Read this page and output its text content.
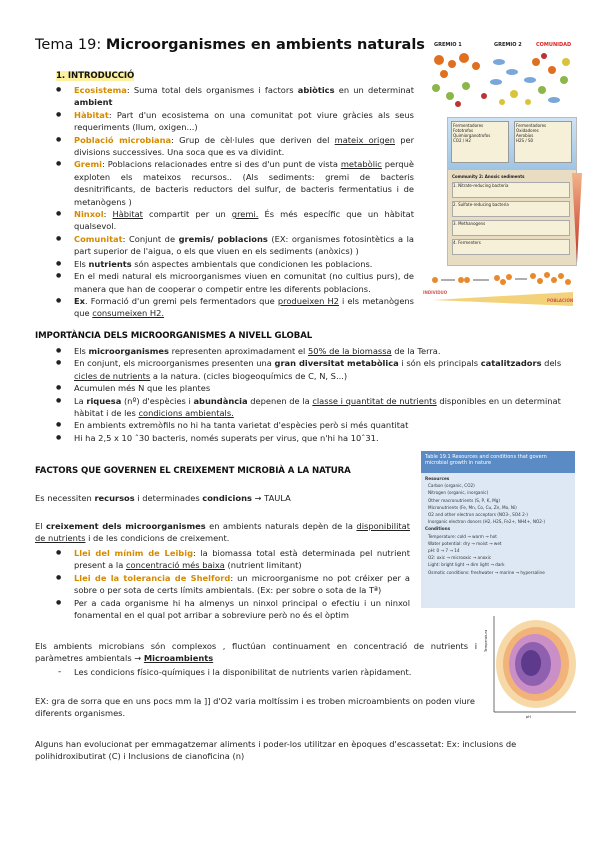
Tema 19: Microorganismes en ambients naturals
1. INTRODUCCIÓ
● Ecosistema: Suma total dels organismes i factors abiòtics en un determinat ambient
● Hàbitat: Part d'un ecosistema on una comunitat pot viure gràcies als seus requeriments (llum, oxigen...)
● Població microbiana: Grup de cèl·lules que deriven del mateix origen per divisions successives. Una soca que es va dividint.
● Gremi: Poblacions relacionades entre si des d'un punt de vista metabòlic perquè exploten els mateixos recursos.. (Als sediments: gremi de bacteris desnitrificants, de bacteris reductors del sulfur, de bacteris fermentatius i de metanògens )
● Ninxol: Hàbitat compartit per un gremi. És més específic que un hàbitat qualsevol.
● Comunitat: Conjunt de gremis/ poblacions (EX: organismes fotosintètics a la part superior de l'aigua, o els que viuen en els sediments (anòxics) )
● Els nutrients són aspectes ambientals que condicionen les poblacions.
● En el medi natural els microorganismes viuen en comunitat (no cultius purs), de manera que han de cooperar o competir entre les diferents poblacions.
● Ex. Formació d'un gremi pels fermentadors que produeixen H2 i els metanògens que consumeixen H2.
IMPORTÀNCIA DELS MICROORGANISMES A NIVELL GLOBAL
● Els microorganismes representen aproximadament el 50% de la biomassa de la Terra.
● En conjunt, els microorganismes presenten una gran diversitat metabòlica i són els principals catalitzadors dels cicles de nutrients a la natura. (cicles biogeoquímics de C, N, S...)
● Acumulen més N que les plantes
● La riquesa (nº) d'espècies i abundància depenen de la classe i quantitat de nutrients disponibles en un determinat hàbitat i de les condicions ambientals.
● En ambients extremòfils no hi ha tanta varietat d'espècies però si més quantitat
● Hi ha 2,5 x 10 ˆ30 bacteris, només superats per virus, que n'hi ha 10ˆ31.
FACTORS QUE GOVERNEN EL CREIXEMENT MICROBIÀ A LA NATURA
Es necessiten recursos i determinades condicions → TAULA
El creixement dels microorganismes en ambients naturals depèn de la disponibilitat de nutrients i de les condicions de creixement.
● Llei del mínim de Leibig: la biomassa total està determinada pel nutrient present a la concentració més baixa (nutrient limitant)
● Llei de la tolerancia de Shelford: un microorganisme no pot créixer per a sobre o per sota de certs límits ambientals. (Ex: per sobre o sota de la Tª)
● Per a cada organisme hi ha almenys un ninxol principal o efectiu i un ninxol fonamental en el qual pot arribar a sobreviure però no és el òptim
Els ambients microbians són complexos , fluctúan continuament en concentració de nutrients i paràmetres ambientals → Microambients
- Les condicions físico-químiques i la disponibilitat de nutrients varien ràpidament.
EX: gra de sorra que en uns pocs mm la ]] d'O2 varia moltíssim i es troben microambients on poden viure diferents organismes.
Alguns han evolucionat per emmagatzemar aliments i poder-los utilitzar en èpoques d'escassetat: Ex: inclusions de polihidroxibutirat (C) i Inclusions de cianoficina (n)
GREMIO 1	GREMIO 2	COMUNIDAD
Fermentadores
Fototrofos
Quimiorganotrofos
CO2 / H2
Fermentadores
Oxidadores
Aerobios
H2S / S0
Community 2: Anoxic sediments
1. Nitrate-reducing bacteria
2. Sulfate-reducing bacteria
3. Methanogens
4. Fermenters
INDIVIDUO
POBLACIÓN
Table 19.1 Resources and conditions that govern microbial growth in nature
Resources
Carbon (organic, CO2)
Nitrogen (organic, inorganic)
Other macronutrients (S, P, K, Mg)
Micronutrients (Fe, Mn, Co, Cu, Zn, Mo, Ni)
O2 and other electron acceptors (NO3-, SO4 2-)
Inorganic electron donors (H2, H2S, Fe2+, NH4+, NO2-)
Conditions
Temperature: cold → warm → hot
Water potential: dry → moist → wet
pH: 0 → 7 → 14
O2: oxic → microoxic → anoxic
Light: bright light → dim light → dark
Osmotic conditions: freshwater → marine → hypersaline
Temperatura
pH
